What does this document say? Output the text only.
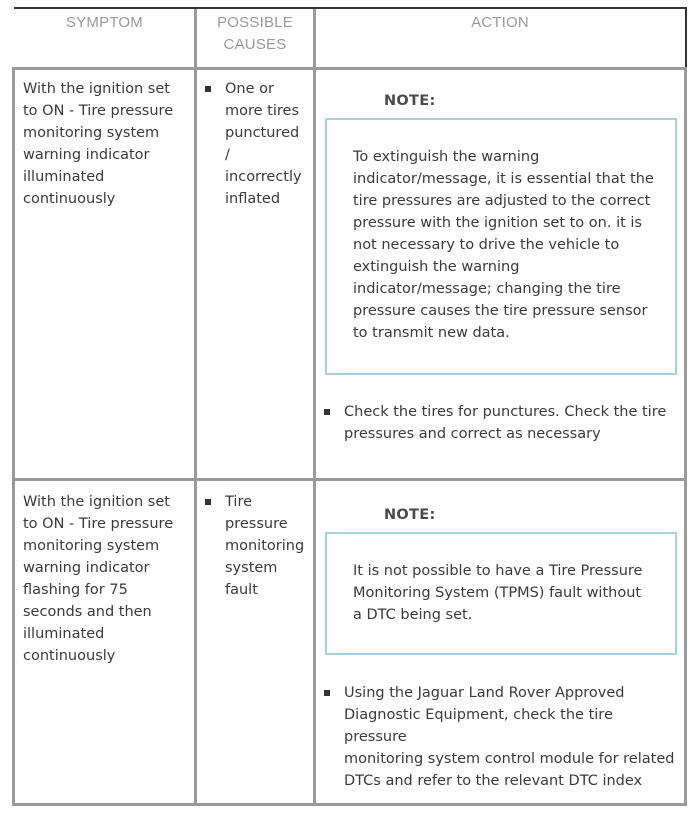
SYMPTOM	POSSIBLE
CAUSES
ACTION
With the ignition set
to ON - Tire pressure
monitoring system
warning indicator
illuminated
continuously
One or
more tires
punctured
/
incorrectly
inflated
NOTE:
To extinguish the warning
indicator/message, it is essential that the
tire pressures are adjusted to the correct
pressure with the ignition set to on. it is
not necessary to drive the vehicle to
extinguish the warning
indicator/message; changing the tire
pressure causes the tire pressure sensor
to transmit new data.
Check the tires for punctures. Check the tire
pressures and correct as necessary
With the ignition set
to ON - Tire pressure
monitoring system
warning indicator
flashing for 75
seconds and then
illuminated
continuously
Tire
pressure
monitoring
system
fault
NOTE:
It is not possible to have a Tire Pressure
Monitoring System (TPMS) fault without
a DTC being set.
Using the Jaguar Land Rover Approved
Diagnostic Equipment, check the tire pressure
monitoring system control module for related
DTCs and refer to the relevant DTC index
